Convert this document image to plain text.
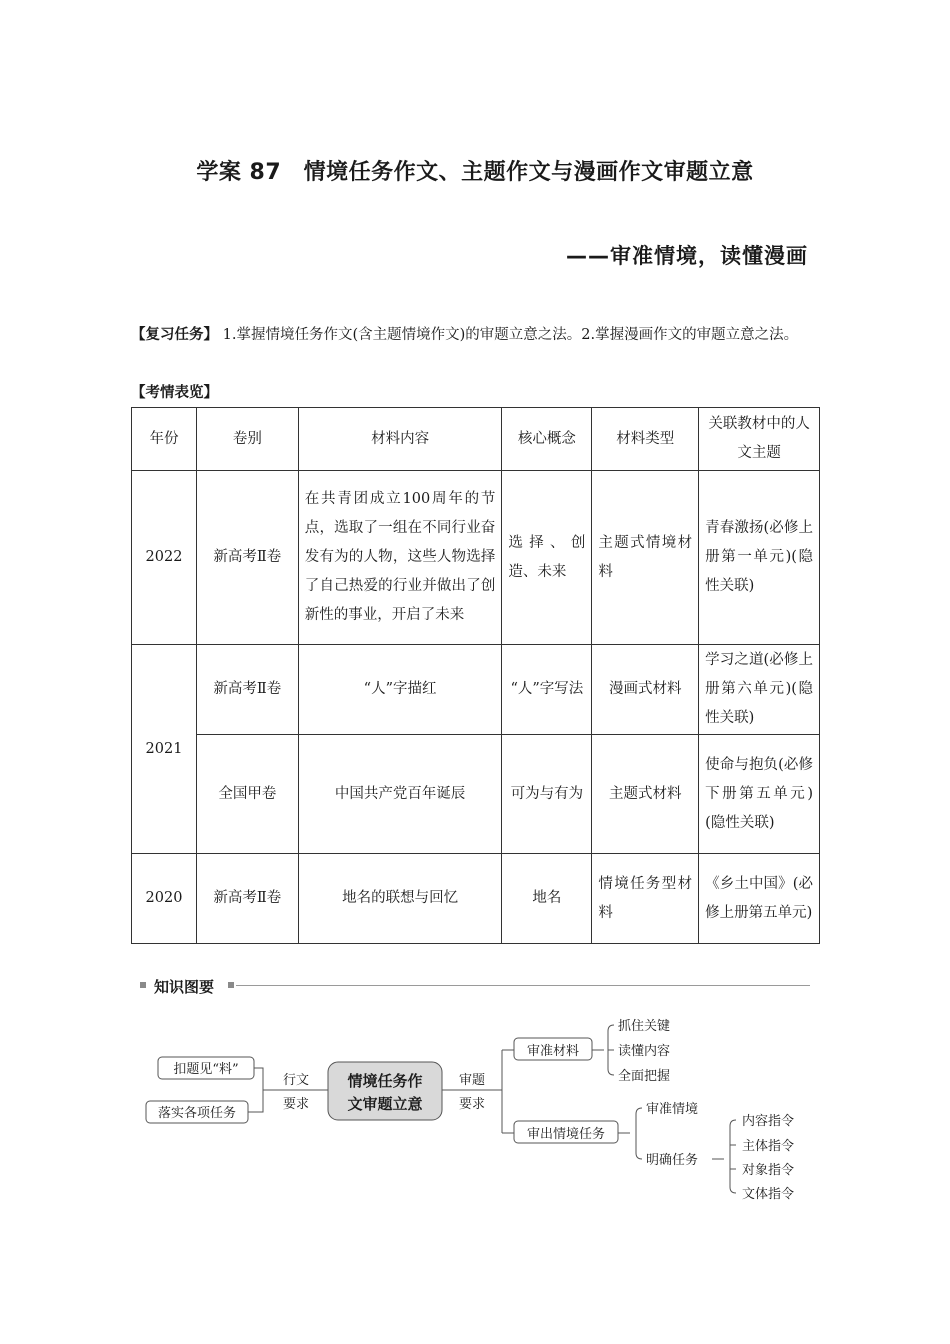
学案 87　情境任务作文、主题作文与漫画作文审题立意
——审准情境，读懂漫画
【复习任务】 1.掌握情境任务作文(含主题情境作文)的审题立意之法。2.掌握漫画作文的审题立意之法。
【考情表览】
年份	卷别	材料内容	核心概念	材料类型	关联教材中的人文主题
2022	新高考Ⅱ卷	在共青团成立100周年的节点，选取了一组在不同行业奋发有为的人物，这些人物选择了自己热爱的行业并做出了创新性的事业，开启了未来	选择、创造、未来	主题式情境材料	青春激扬(必修上册第一单元)(隐性关联)
2021	新高考Ⅱ卷	“人”字描红	“人”字写法	漫画式材料	学习之道(必修上册第六单元)(隐性关联)
	全国甲卷	中国共产党百年诞辰	可为与有为	主题式材料	使命与抱负(必修下册第五单元)(隐性关联)
2020	新高考Ⅱ卷	地名的联想与回忆	地名	情境任务型材料	《乡土中国》(必修上册第五单元)
知识图要
情境任务作
文审题立意
扣题见“料”
落实各项任务
行文
要求
审题
要求
审准材料
抓住关键
读懂内容
全面把握
审出情境任务
审准情境
明确任务
内容指令
主体指令
对象指令
文体指令
